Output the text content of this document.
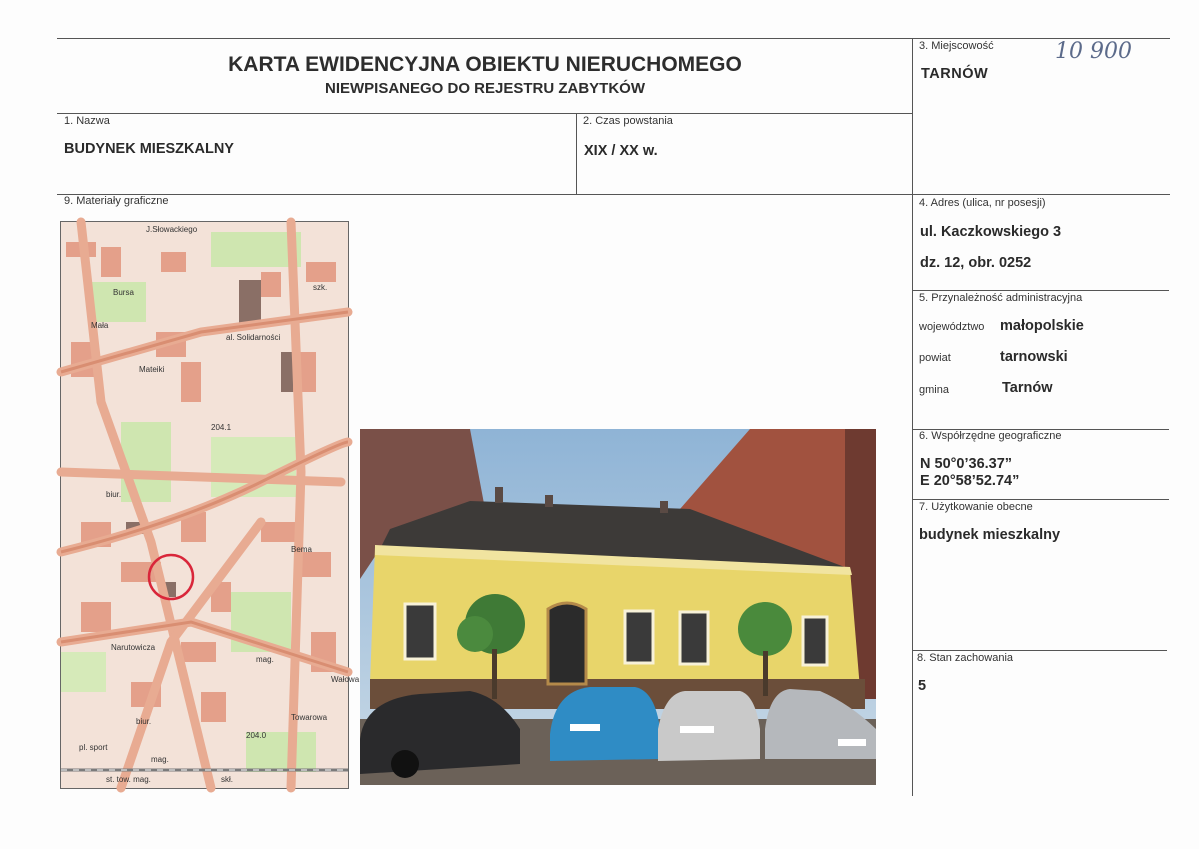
KARTA EWIDENCYJNA OBIEKTU NIERUCHOMEGO
NIEWPISANEGO DO REJESTRU ZABYTKÓW
3. Miejscowość
TARNÓW
10 900
1. Nazwa
BUDYNEK MIESZKALNY
2. Czas powstania
XIX / XX w.
9. Materiały graficzne	4. Adres (ulica, nr posesji)
ul. Kaczkowskiego 3
dz. 12, obr. 0252
5. Przynależność administracyjna
województwo małopolskie
powiat	tarnowski
gmina	Tarnów
6. Współrzędne geograficzne
N 50°0’36.37”
E 20°58’52.74”
7. Użytkowanie obecne
budynek mieszkalny
8. Stan zachowania
5
J.Słowackiego
Bursa
szk.
Mała
al. Solidarności
Mateiki
biur.
Narutowicza
mag.
pl. sport
biur.
mag.
st. tow. mag.	skł.
204.1
204.0
Bema
Towarowa
Wałowa
